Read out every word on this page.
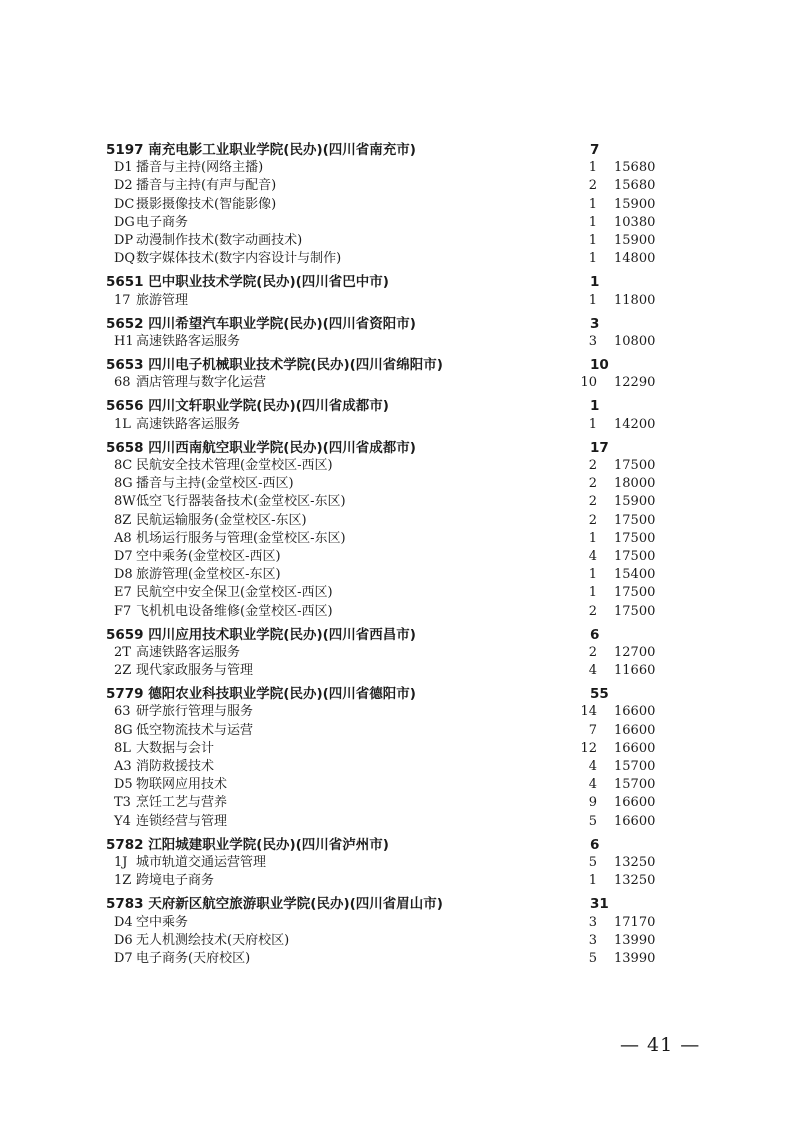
5197 南充电影工业职业学院(民办)(四川省南充市)	7
D1 播音与主持(网络主播)	1 15680
D2 播音与主持(有声与配音)	2 15680
DC 摄影摄像技术(智能影像)	1 15900
DG 电子商务	1 10380
DP 动漫制作技术(数字动画技术)	1 15900
DQ 数字媒体技术(数字内容设计与制作)	1 14800
5651 巴中职业技术学院(民办)(四川省巴中市)	1
17 旅游管理	1 11800
5652 四川希望汽车职业学院(民办)(四川省资阳市)	3
H1 高速铁路客运服务	3 10800
5653 四川电子机械职业技术学院(民办)(四川省绵阳市)	10
68 酒店管理与数字化运营	10 12290
5656 四川文轩职业学院(民办)(四川省成都市)	1
1L 高速铁路客运服务	1 14200
5658 四川西南航空职业学院(民办)(四川省成都市)	17
8C 民航安全技术管理(金堂校区-西区)	2 17500
8G 播音与主持(金堂校区-西区)	2 18000
8W 低空飞行器装备技术(金堂校区-东区)	2 15900
8Z 民航运输服务(金堂校区-东区)	2 17500
A8 机场运行服务与管理(金堂校区-东区)	1 17500
D7 空中乘务(金堂校区-西区)	4 17500
D8 旅游管理(金堂校区-东区)	1 15400
E7 民航空中安全保卫(金堂校区-西区)	1 17500
F7 飞机机电设备维修(金堂校区-西区)	2 17500
5659 四川应用技术职业学院(民办)(四川省西昌市)	6
2T 高速铁路客运服务	2 12700
2Z 现代家政服务与管理	4 11660
5779 德阳农业科技职业学院(民办)(四川省德阳市)	55
63 研学旅行管理与服务	14 16600
8G 低空物流技术与运营	7 16600
8L 大数据与会计	12 16600
A3 消防救援技术	4 15700
D5 物联网应用技术	4 15700
T3 烹饪工艺与营养	9 16600
Y4 连锁经营与管理	5 16600
5782 江阳城建职业学院(民办)(四川省泸州市)	6
1J 城市轨道交通运营管理	5 13250
1Z 跨境电子商务	1 13250
5783 天府新区航空旅游职业学院(民办)(四川省眉山市)	31
D4 空中乘务	3 17170
D6 无人机测绘技术(天府校区)	3 13990
D7 电子商务(天府校区)	5 13990
— 41 —
